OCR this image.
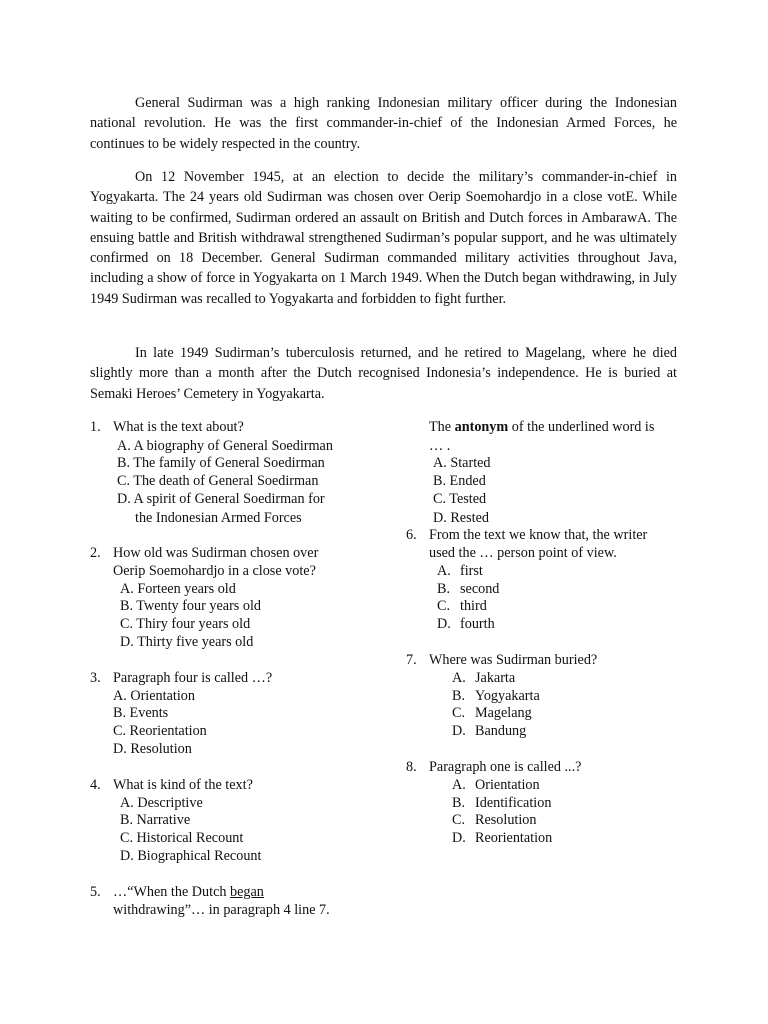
General Sudirman was a high ranking Indonesian military officer during the Indonesian national revolution. He was the first commander-in-chief of the Indonesian Armed Forces, he continues to be widely respected in the country.

On 12 November 1945, at an election to decide the military’s commander-in-chief in Yogyakarta. The 24 years old Sudirman was chosen over Oerip Soemohardjo in a close votE. While waiting to be confirmed, Sudirman ordered an assault on British and Dutch forces in AmbarawA. The ensuing battle and British withdrawal strengthened Sudirman’s popular support, and he was ultimately confirmed on 18 December. General Sudirman commanded military activities throughout Java, including a show of force in Yogyakarta on 1 March 1949. When the Dutch began withdrawing, in July 1949 Sudirman was recalled to Yogyakarta and forbidden to fight further.

In late 1949 Sudirman’s tuberculosis returned, and he retired to Magelang, where he died slightly more than a month after the Dutch recognised Indonesia’s independence. He is buried at Semaki Heroes’ Cemetery in Yogyakarta.

1. What is the text about?
A. A biography of General Soedirman
B. The family of General Soedirman
C. The death of General Soedirman
D. A spirit of General Soedirman for
the Indonesian Armed Forces
2. How old was Sudirman chosen over
Oerip Soemohardjo in a close vote?
A. Forteen years old
B. Twenty four years old
C. Thiry four years old
D. Thirty five years old
3. Paragraph four is called …?
A. Orientation
B. Events
C. Reorientation
D. Resolution
4. What is kind of the text?
A. Descriptive
B. Narrative
C. Historical Recount
D. Biographical Recount
5. …“When the Dutch began
withdrawing”… in paragraph 4 line 7.
The antonym of the underlined word is
… .
A. Started
B. Ended
C. Tested
D. Rested
6. From the text we know that, the writer
used the … person point of view.
A. first
B. second
C. third
D. fourth
7. Where was Sudirman buried?
A. Jakarta
B. Yogyakarta
C. Magelang
D. Bandung
8. Paragraph one is called ...?
A. Orientation
B. Identification
C. Resolution
D. Reorientation
